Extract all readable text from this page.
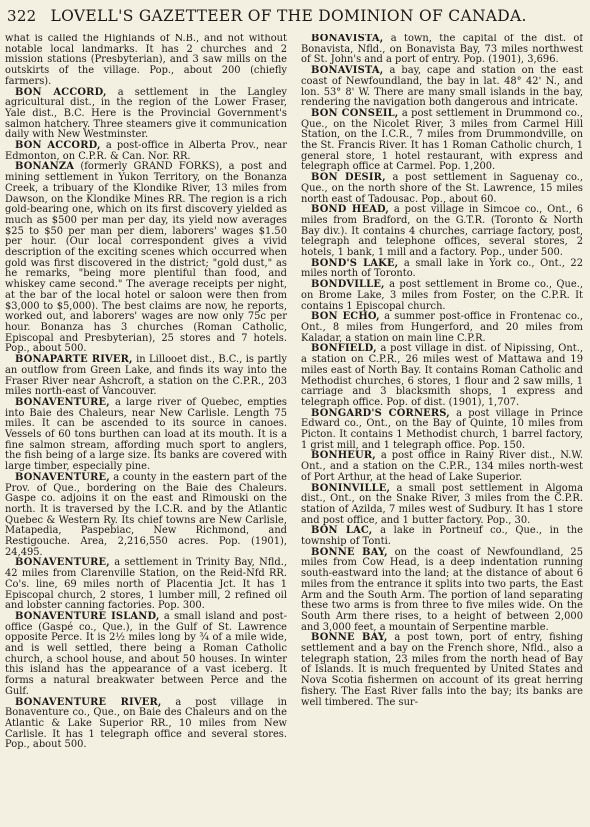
322 LOVELL'S GAZETTEER OF THE DOMINION OF CANADA.

what is called the Highlands of N.B., and not without notable local landmarks. It has 2 churches and 2 mission stations (Presbyterian), and 3 saw mills on the outskirts of the village. Pop., about 200 (chiefly farmers).

BON ACCORD, a settlement in the Langley agricultural dist., in the region of the Lower Fraser, Yale dist., B.C. Here is the Provincial Government's salmon hatchery. Three steamers give it communication daily with New Westminster.

BON ACCORD, a post-office in Alberta Prov., near Edmonton, on C.P.R. & Can. Nor. RR.

BONANZA (formerly GRAND FORKS), a post and mining settlement in Yukon Territory, on the Bonanza Creek, a tribuary of the Klondike River, 13 miles from Dawson, on the Klondike Mines RR. The region is a rich gold-bearing one, which on its first discovery yielded as much as $500 per man per day, its yield now averages $25 to $50 per man per diem, laborers' wages $1.50 per hour. (Our local correspondent gives a vivid description of the exciting scenes which occurred when gold was first discovered in the district; "gold dust," as he remarks, "being more plentiful than food, and whiskey came second." The average receipts per night, at the bar of the local hotel or saloon were then from $3,000 to $5,000). The best claims are now, he reports, worked out, and laborers' wages are now only 75c per hour. Bonanza has 3 churches (Roman Catholic, Episcopal and Presbyterian), 25 stores and 7 hotels. Pop., about 500.

BONAPARTE RIVER, in Lillooet dist., B.C., is partly an outflow from Green Lake, and finds its way into the Fraser River near Ashcroft, a station on the C.P.R., 203 miles north-east of Vancouver.

BONAVENTURE, a large river of Quebec, empties into Baie des Chaleurs, near New Carlisle. Length 75 miles. It can be ascended to its source in canoes. Vessels of 60 tons burthen can load at its mouth. It is a fine salmon stream, affording much sport to anglers, the fish being of a large size. Its banks are covered with large timber, especially pine.

BONAVENTURE, a county in the eastern part of the Prov. of Que., bordering on the Baie des Chaleurs. Gaspe co. adjoins it on the east and Rimouski on the north. It is traversed by the I.C.R. and by the Atlantic Quebec & Western Ry. Its chief towns are New Carlisle, Matapedia, Paspebiac, New Richmond, and Restigouche. Area, 2,216,550 acres. Pop. (1901), 24,495.

BONAVENTURE, a settlement in Trinity Bay, Nfld., 42 miles from Clarenville Station, on the Reid-Nfd RR. Co's. line, 69 miles north of Placentia Jct. It has 1 Episcopal church, 2 stores, 1 lumber mill, 2 refined oil and lobster canning factories. Pop. 300.

BONAVENTURE ISLAND, a small island and post-office (Gaspé co., Que.), in the Gulf of St. Lawrence opposite Perce. It is 2½ miles long by ¾ of a mile wide, and is well settled, there being a Roman Catholic church, a school house, and about 50 houses. In winter this island has the appearance of a vast iceberg. It forms a natural breakwater between Perce and the Gulf.

BONAVENTURE RIVER, a post village in Bonaventure co., Que., on Baie des Chaleurs and on the Atlantic & Lake Superior RR., 10 miles from New Carlisle. It has 1 telegraph office and several stores. Pop., about 500.

BONAVISTA, a town, the capital of the dist. of Bonavista, Nfld., on Bonavista Bay, 73 miles northwest of St. John's and a port of entry. Pop. (1901), 3,696.

BONAVISTA, a bay, cape and station on the east coast of Newfoundland, the bay in lat. 48° 42' N., and lon. 53° 8' W. There are many small islands in the bay, rendering the navigation both dangerous and intricate.

BON CONSEIL, a post settlement in Drummond co., Que., on the Nicolet River, 3 miles from Carmel Hill Station, on the I.C.R., 7 miles from Drummondville, on the St. Francis River. It has 1 Roman Catholic church, 1 general store, 1 hotel restaurant, with express and telegraph office at Carmel. Pop. 1,200.

BON DESIR, a post settlement in Saguenay co., Que., on the north shore of the St. Lawrence, 15 miles north east of Tadousac. Pop., about 60.

BOND HEAD, a post village in Simcoe co., Ont., 6 miles from Bradford, on the G.T.R. (Toronto & North Bay div.). It contains 4 churches, carriage factory, post, telegraph and telephone offices, several stores, 2 hotels, 1 bank, 1 mill and a factory. Pop., under 500.

BOND'S LAKE, a small lake in York co., Ont., 22 miles north of Toronto.

BONDVILLE, a post settlement in Brome co., Que., on Brome Lake, 3 miles from Foster, on the C.P.R. It contains 1 Episcopal church.

BON ECHO, a summer post-office in Frontenac co., Ont., 8 miles from Hungerford, and 20 miles from Kaladar, a station on main line C.P.R.

BONFIELD, a post village in dist. of Nipissing, Ont., a station on C.P.R., 26 miles west of Mattawa and 19 miles east of North Bay. It contains Roman Catholic and Methodist churches, 6 stores, 1 flour and 2 saw mills, 1 carriage and 3 blacksmith shops, 1 express and telegraph office. Pop. of dist. (1901), 1,707.

BONGARD'S CORNERS, a post village in Prince Edward co., Ont., on the Bay of Quinte, 10 miles from Picton. It contains 1 Methodist church, 1 barrel factory, 1 grist mill, and 1 telegraph office. Pop. 150.

BONHEUR, a post office in Rainy River dist., N.W. Ont., and a station on the C.P.R., 134 miles north-west of Port Arthur, at the head of Lake Superior.

BONINVILLE, a small post settlement in Algoma dist., Ont., on the Snake River, 3 miles from the C.P.R. station of Azilda, 7 miles west of Sudbury. It has 1 store and post office, and 1 butter factory. Pop., 30.

BON LAC, a lake in Portneuf co., Que., in the township of Tonti.

BONNE BAY, on the coast of Newfoundland, 25 miles from Cow Head, is a deep indentation running south-eastward into the land; at the distance of about 6 miles from the entrance it splits into two parts, the East Arm and the South Arm. The portion of land separating these two arms is from three to five miles wide. On the South Arm there rises, to a height of between 2,000 and 3,000 feet, a mountain of Serpentine marble.

BONNE BAY, a post town, port of entry, fishing settlement and a bay on the French shore, Nfld., also a telegraph station, 23 miles from the north head of Bay of Islands. It is much frequented by United States and Nova Scotia fishermen on account of its great herring fishery. The East River falls into the bay; its banks are well timbered. The sur-
